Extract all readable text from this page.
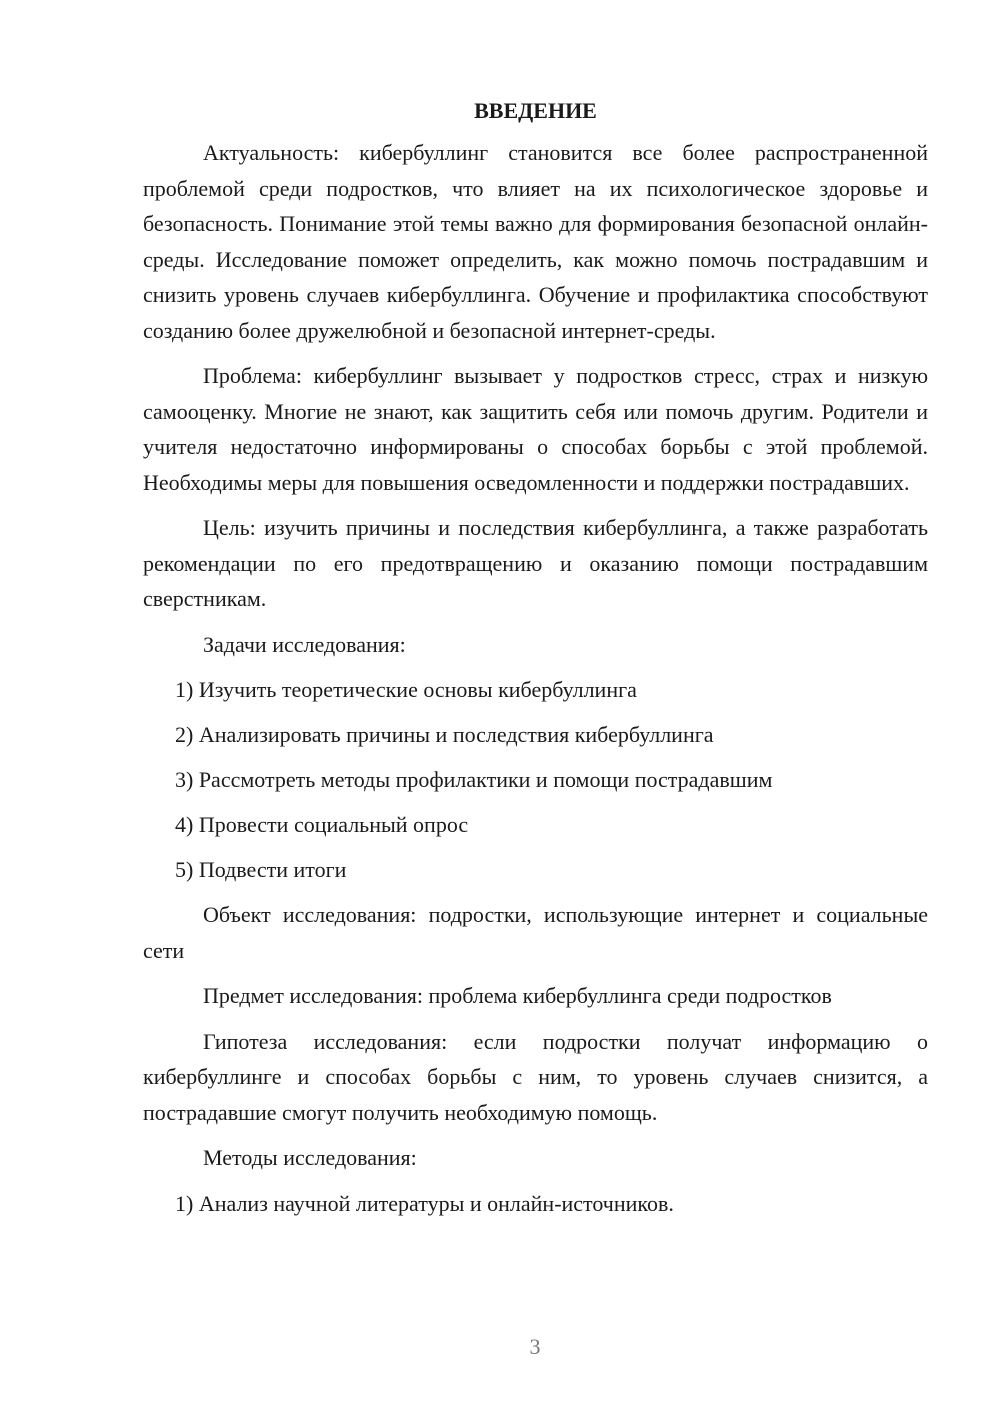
ВВЕДЕНИЕ

Актуальность: кибербуллинг становится все более распространенной проблемой среди подростков, что влияет на их психологическое здоровье и безопасность. Понимание этой темы важно для формирования безопасной онлайн-среды. Исследование поможет определить, как можно помочь пострадавшим и снизить уровень случаев кибербуллинга. Обучение и профилактика способствуют созданию более дружелюбной и безопасной интернет-среды.

Проблема: кибербуллинг вызывает у подростков стресс, страх и низкую самооценку. Многие не знают, как защитить себя или помочь другим. Родители и учителя недостаточно информированы о способах борьбы с этой проблемой. Необходимы меры для повышения осведомленности и поддержки пострадавших.

Цель: изучить причины и последствия кибербуллинга, а также разработать рекомендации по его предотвращению и оказанию помощи пострадавшим сверстникам.

Задачи исследования:

1) Изучить теоретические основы кибербуллинга
2) Анализировать причины и последствия кибербуллинга
3) Рассмотреть методы профилактики и помощи пострадавшим
4) Провести социальный опрос
5) Подвести итоги

Объект исследования: подростки, использующие интернет и социальные сети

Предмет исследования: проблема кибербуллинга среди подростков

Гипотеза исследования: если подростки получат информацию о кибербуллинге и способах борьбы с ним, то уровень случаев снизится, а пострадавшие смогут получить необходимую помощь.

Методы исследования:

1) Анализ научной литературы и онлайн-источников.
3
